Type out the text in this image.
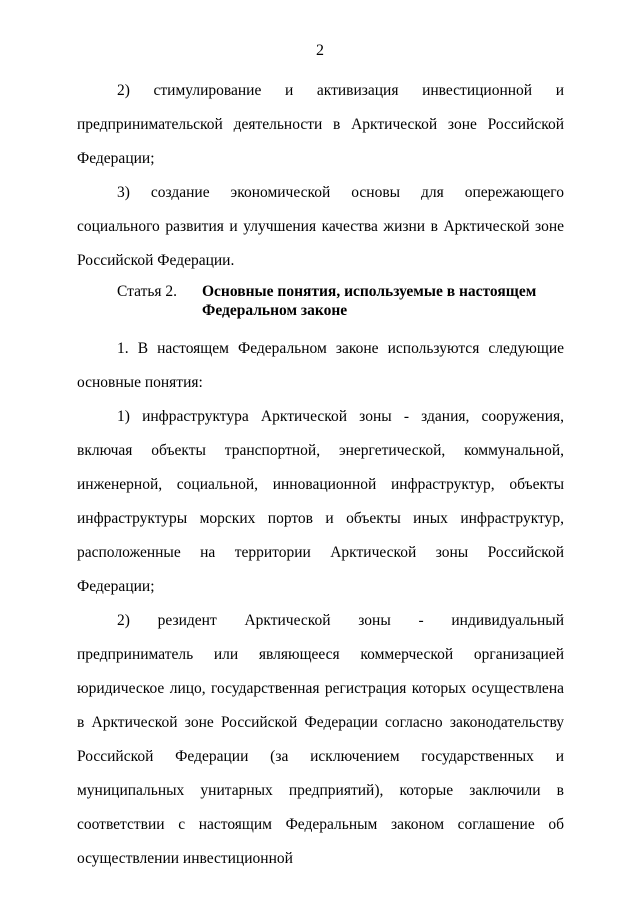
2

2) стимулирование и активизация инвестиционной и предпринимательской деятельности в Арктической зоне Российской Федерации;

3) создание экономической основы для опережающего социального развития и улучшения качества жизни в Арктической зоне Российской Федерации.

Статья 2.	Основные понятия, используемые в настоящем
Федеральном законе

1. В настоящем Федеральном законе используются следующие основные понятия:

1) инфраструктура Арктической зоны - здания, сооружения, включая объекты транспортной, энергетической, коммунальной, инженерной, социальной, инновационной инфраструктур, объекты инфраструктуры морских портов и объекты иных инфраструктур, расположенные на территории Арктической зоны Российской Федерации;

2) резидент Арктической зоны - индивидуальный предприниматель или являющееся коммерческой организацией юридическое лицо, государственная регистрация которых осуществлена в Арктической зоне Российской Федерации согласно законодательству Российской Федерации (за исключением государственных и муниципальных унитарных предприятий), которые заключили в соответствии с настоящим Федеральным законом соглашение об осуществлении инвестиционной
